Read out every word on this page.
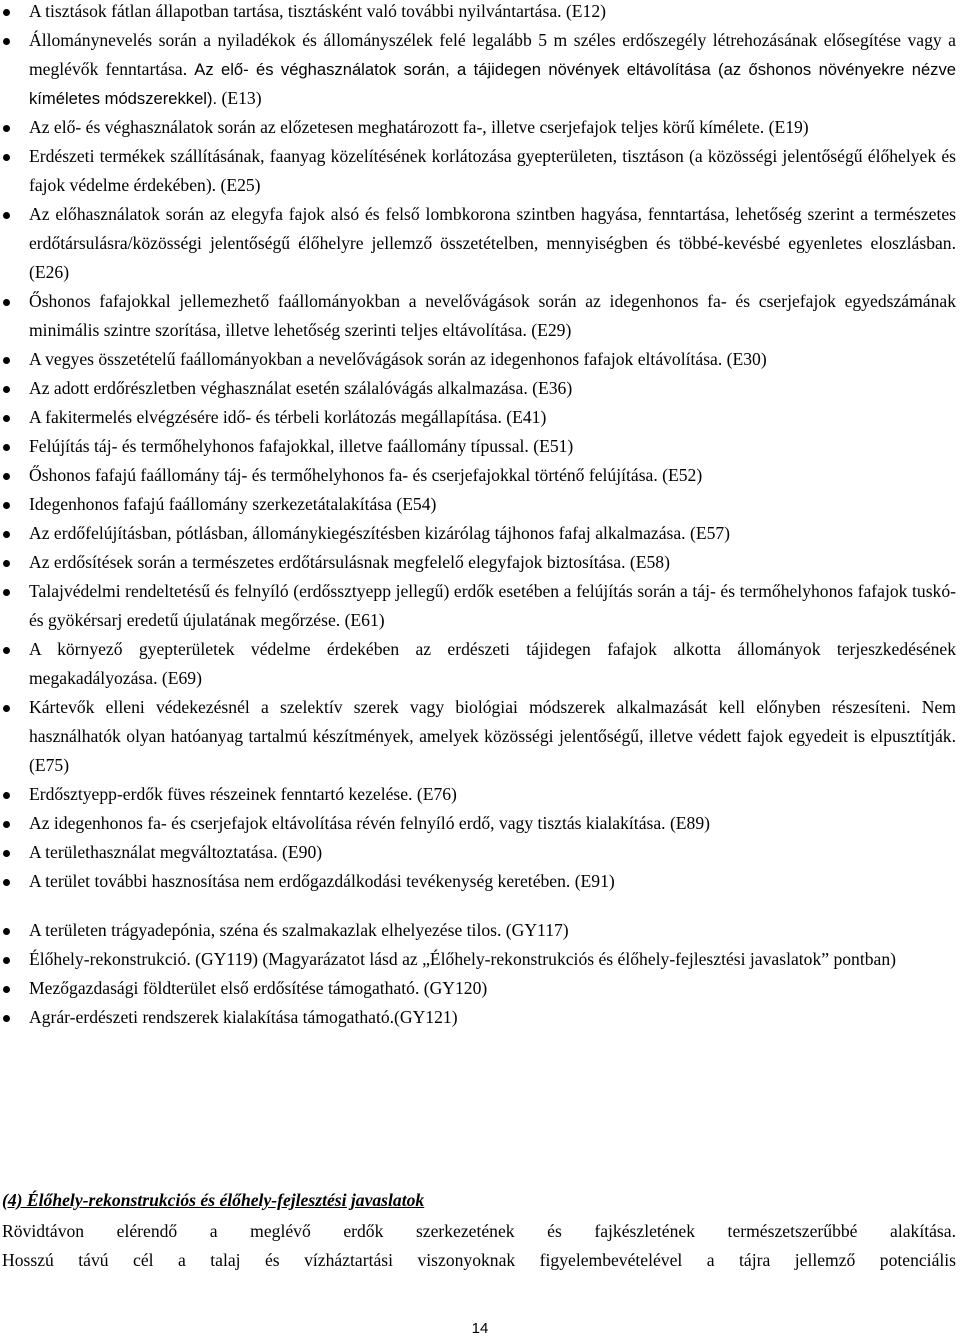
A tisztások fátlan állapotban tartása, tisztásként való további nyilvántartása. (E12)
Állománynevelés során a nyiladékok és állományszélek felé legalább 5 m széles erdőszegély létrehozásának elősegítése vagy a meglévők fenntartása. Az elő- és véghasználatok során, a tájidegen növények eltávolítása (az őshonos növényekre nézve kíméletes módszerekkel). (E13)
Az elő- és véghasználatok során az előzetesen meghatározott fa-, illetve cserjefajok teljes körű kímélete. (E19)
Erdészeti termékek szállításának, faanyag közelítésének korlátozása gyepterületen, tisztáson (a közösségi jelentőségű élőhelyek és fajok védelme érdekében). (E25)
Az előhasználatok során az elegyfa fajok alsó és felső lombkorona szintben hagyása, fenntartása, lehetőség szerint a természetes erdőtársulásra/közösségi jelentőségű élőhelyre jellemző összetételben, mennyiségben és többé-kevésbé egyenletes eloszlásban. (E26)
Őshonos fafajokkal jellemezhető faállományokban a nevelővágások során az idegenhonos fa- és cserjefajok egyedszámának minimális szintre szorítása, illetve lehetőség szerinti teljes eltávolítása. (E29)
A vegyes összetételű faállományokban a nevelővágások során az idegenhonos fafajok eltávolítása. (E30)
Az adott erdőrészletben véghasználat esetén szálalóvágás alkalmazása. (E36)
A fakitermelés elvégzésére idő- és térbeli korlátozás megállapítása. (E41)
Felújítás táj- és termőhelyhonos fafajokkal, illetve faállomány típussal. (E51)
Őshonos fafajú faállomány táj- és termőhelyhonos fa- és cserjefajokkal történő felújítása. (E52)
Idegenhonos fafajú faállomány szerkezetátalakítása (E54)
Az erdőfelújításban, pótlásban, állománykiegészítésben kizárólag tájhonos fafaj alkalmazása. (E57)
Az erdősítések során a természetes erdőtársulásnak megfelelő elegyfajok biztosítása. (E58)
Talajvédelmi rendeltetésű és felnyíló (erdőssztyepp jellegű) erdők esetében a felújítás során a táj- és termőhelyhonos fafajok tuskó- és gyökérsarj eredetű újulatának megőrzése. (E61)
A környező gyepterületek védelme érdekében az erdészeti tájidegen fafajok alkotta állományok terjeszkedésének megakadályozása. (E69)
Kártevők elleni védekezésnél a szelektív szerek vagy biológiai módszerek alkalmazását kell előnyben részesíteni. Nem használhatók olyan hatóanyag tartalmú készítmények, amelyek közösségi jelentőségű, illetve védett fajok egyedeit is elpusztítják. (E75)
Erdősztyepp-erdők füves részeinek fenntartó kezelése. (E76)
Az idegenhonos fa- és cserjefajok eltávolítása révén felnyíló erdő, vagy tisztás kialakítása. (E89)
A területhasználat megváltoztatása. (E90)
A terület további hasznosítása nem erdőgazdálkodási tevékenység keretében. (E91)
A területen trágyadepónia, széna és szalmakazlak elhelyezése tilos. (GY117)
Élőhely-rekonstrukció. (GY119) (Magyarázatot lásd az „Élőhely-rekonstrukciós és élőhely-fejlesztési javaslatok” pontban)
Mezőgazdasági földterület első erdősítése támogatható. (GY120)
Agrár-erdészeti rendszerek kialakítása támogatható.(GY121)
(4) Élőhely-rekonstrukciós és élőhely-fejlesztési javaslatok
Rövidtávon elérendő a meglévő erdők szerkezetének és fajkészletének természetszerűbbé alakítása.
Hosszú távú cél a talaj és vízháztartási viszonyoknak figyelembevételével a tájra jellemző potenciális
14
